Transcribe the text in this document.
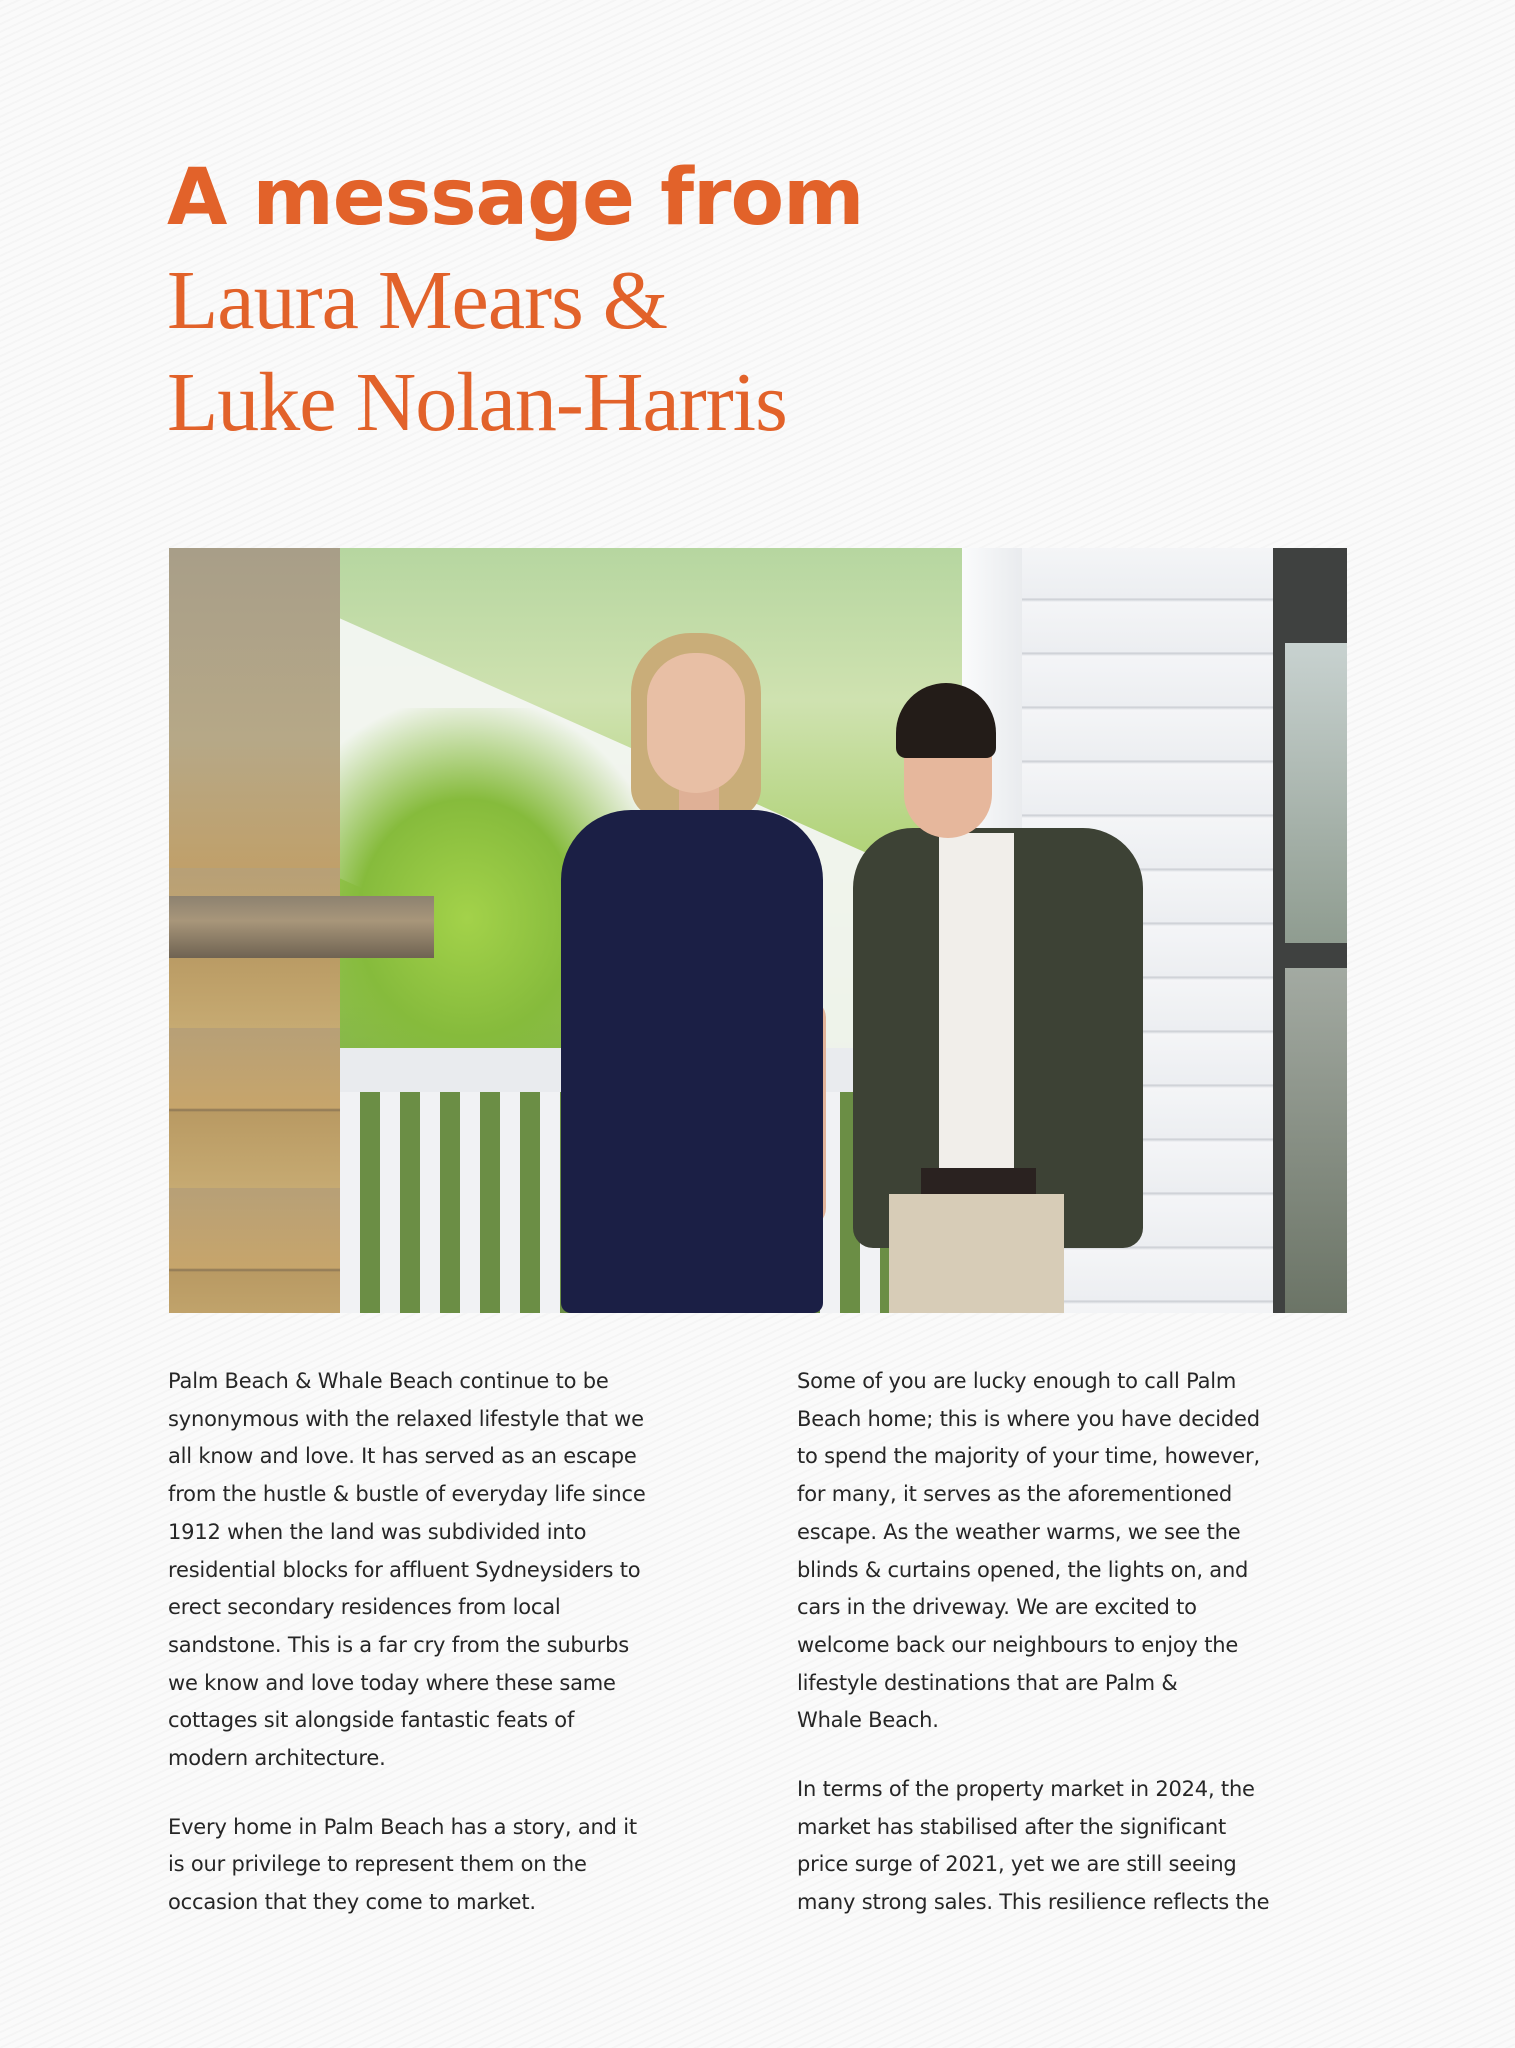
A message from
Laura Mears &
Luke Nolan-Harris

Palm Beach & Whale Beach continue to be
synonymous with the relaxed lifestyle that we
all know and love. It has served as an escape
from the hustle & bustle of everyday life since
1912 when the land was subdivided into
residential blocks for affluent Sydneysiders to
erect secondary residences from local
sandstone. This is a far cry from the suburbs
we know and love today where these same
cottages sit alongside fantastic feats of
modern architecture.

Every home in Palm Beach has a story, and it
is our privilege to represent them on the
occasion that they come to market.

Some of you are lucky enough to call Palm
Beach home; this is where you have decided
to spend the majority of your time, however,
for many, it serves as the aforementioned
escape. As the weather warms, we see the
blinds & curtains opened, the lights on, and
cars in the driveway. We are excited to
welcome back our neighbours to enjoy the
lifestyle destinations that are Palm &
Whale Beach.

In terms of the property market in 2024, the
market has stabilised after the significant
price surge of 2021, yet we are still seeing
many strong sales. This resilience reflects the
